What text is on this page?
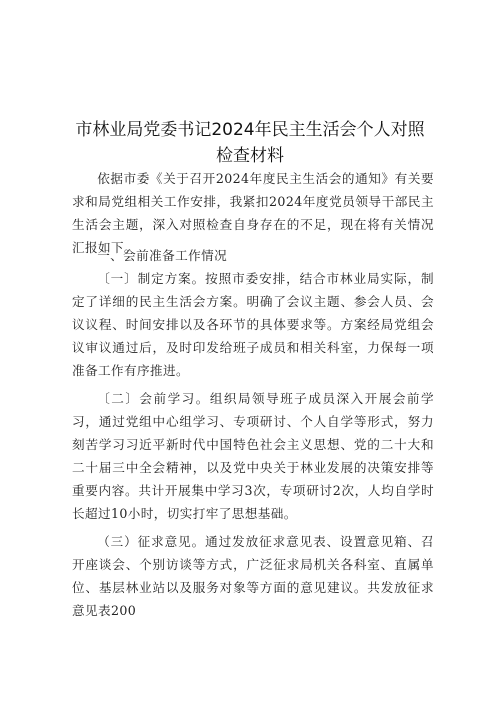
市林业局党委书记2024年民主生活会个人对照
检查材料

依据市委《关于召开2024年度民主生活会的通知》有关要求和局党组相关工作安排，我紧扣2024年度党员领导干部民主生活会主题，深入对照检查自身存在的不足，现在将有关情况汇报如下。

一、会前准备工作情况

〔一〕制定方案。按照市委安排，结合市林业局实际，制定了详细的民主生活会方案。明确了会议主题、参会人员、会议议程、时间安排以及各环节的具体要求等。方案经局党组会议审议通过后，及时印发给班子成员和相关科室，力保每一项准备工作有序推进。

〔二〕会前学习。组织局领导班子成员深入开展会前学习，通过党组中心组学习、专项研讨、个人自学等形式，努力刻苦学习习近平新时代中国特色社会主义思想、党的二十大和二十届三中全会精神，以及党中央关于林业发展的决策安排等重要内容。共计开展集中学习3次，专项研讨2次，人均自学时长超过10小时，切实打牢了思想基础。

（三）征求意见。通过发放征求意见表、设置意见箱、召开座谈会、个别访谈等方式，广泛征求局机关各科室、直属单位、基层林业站以及服务对象等方面的意见建议。共发放征求意见表200
